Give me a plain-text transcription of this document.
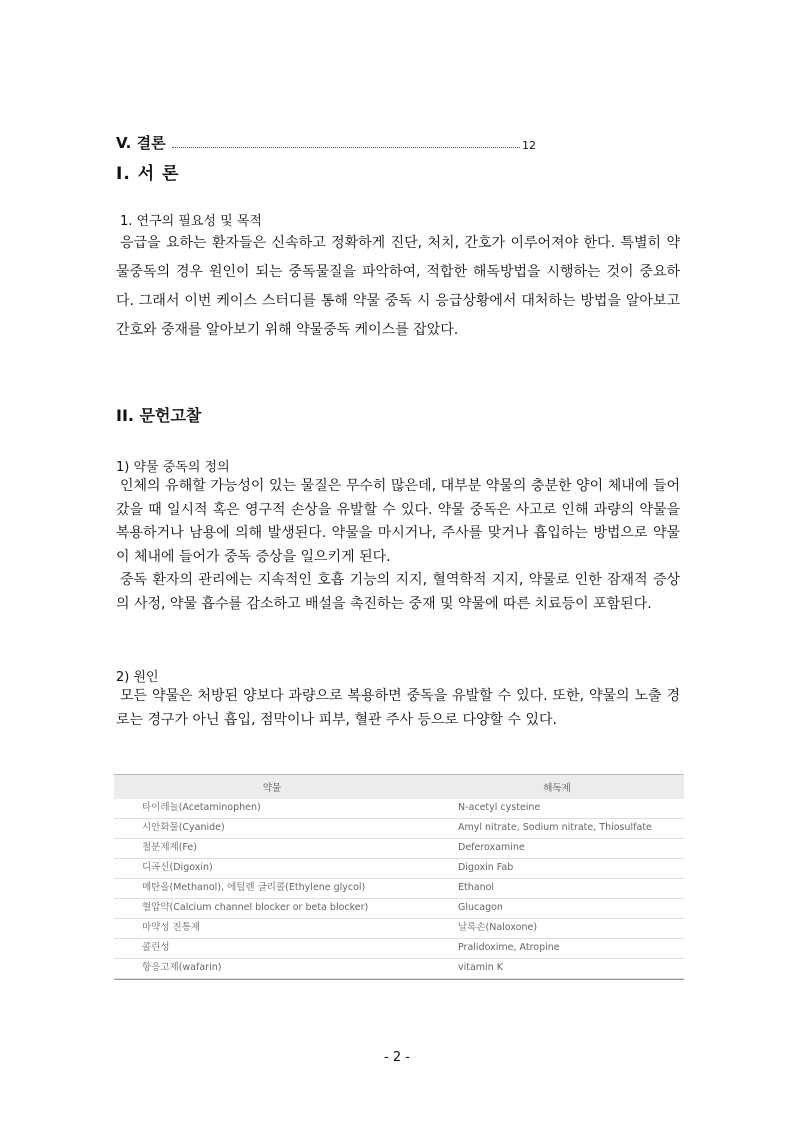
V. 결론	12
I. 서 론
1. 연구의 필요성 및 목적

응급을 요하는 환자들은 신속하고 정확하게 진단, 처치, 간호가 이루어져야 한다. 특별히 약물중독의 경우 원인이 되는 중독물질을 파악하여, 적합한 해독방법을 시행하는 것이 중요하다. 그래서 이번 케이스 스터디를 통해 약물 중독 시 응급상황에서 대처하는 방법을 알아보고 간호와 중재를 알아보기 위해 약물중독 케이스를 잡았다.

II. 문헌고찰
1) 약물 중독의 정의

인체의 유해할 가능성이 있는 물질은 무수히 많은데, 대부분 약물의 충분한 양이 체내에 들어갔을 때 일시적 혹은 영구적 손상을 유발할 수 있다. 약물 중독은 사고로 인해 과량의 약물을 복용하거나 남용에 의해 발생된다. 약물을 마시거나, 주사를 맞거나 흡입하는 방법으로 약물이 체내에 들어가 중독 증상을 일으키게 된다.

중독 환자의 관리에는 지속적인 호흡 기능의 지지, 혈역학적 지지, 약물로 인한 잠재적 증상의 사정, 약물 흡수를 감소하고 배설을 촉진하는 중재 및 약물에 따른 치료등이 포함된다.

2) 원인

모든 약물은 처방된 양보다 과량으로 복용하면 중독을 유발할 수 있다. 또한, 약물의 노출 경로는 경구가 아닌 흡입, 점막이나 피부, 혈관 주사 등으로 다양할 수 있다.

약물	해독제
타이레놀(Acetaminophen)	N-acetyl cysteine
시안화물(Cyanide)	Amyl nitrate, Sodium nitrate, Thiosulfate
철분제제(Fe)	Deferoxamine
디곡신(Digoxin)	Digoxin Fab
메탄올(Methanol), 에틸렌 글리콜(Ethylene glycol)	Ethanol
혈압약(Calcium channel blocker or beta blocker)	Glucagon
마약성 진통제	날록손(Naloxone)
콜린성	Pralidoxime, Atropine
항응고제(wafarin)	vitamin K
- 2 -
